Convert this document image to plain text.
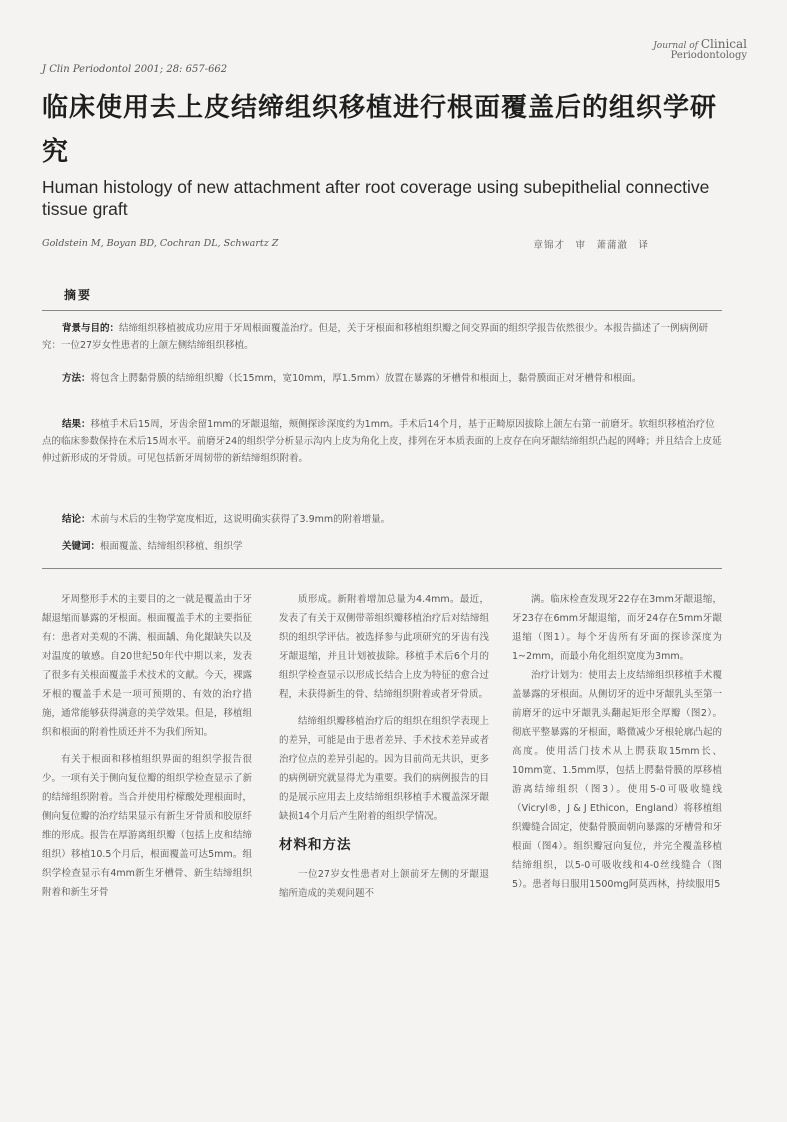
J Clin Periodontol 2001; 28: 657-662
Journal of Clinical
Periodontology
临床使用去上皮结缔组织移植进行根面覆盖后的组织学研究
Human histology of new attachment after root coverage using subepithelial connective tissue graft
Goldstein M, Boyan BD, Cochran DL, Schwartz Z	章锦才　审　萧蒲澈　译
摘要
背景与目的：结缔组织移植被成功应用于牙周根面覆盖治疗。但是，关于牙根面和移植组织瓣之间交界面的组织学报告依然很少。本报告描述了一例病例研究：一位27岁女性患者的上颌左侧结缔组织移植。
方法：将包含上腭黏骨膜的结缔组织瓣（长15mm，宽10mm，厚1.5mm）放置在暴露的牙槽骨和根面上，黏骨膜面正对牙槽骨和根面。
结果：移植手术后15周，牙齿余留1mm的牙龈退缩，颊侧探诊深度约为1mm。手术后14个月，基于正畸原因拔除上颌左右第一前磨牙。软组织移植治疗位点的临床参数保持在术后15周水平。前磨牙24的组织学分析显示沟内上皮为角化上皮，排列在牙本质表面的上皮存在向牙龈结缔组织凸起的网峰；并且结合上皮延伸过新形成的牙骨质。可见包括新牙周韧带的新结缔组织附着。
结论：术前与术后的生物学宽度相近，这说明确实获得了3.9mm的附着增量。
关键词：根面覆盖、结缔组织移植、组织学

牙周整形手术的主要目的之一就是覆盖由于牙龈退缩而暴露的牙根面。根面覆盖手术的主要指征有：患者对美观的不满、根面龋、角化龈缺失以及对温度的敏感。自20世纪50年代中期以来，发表了很多有关根面覆盖手术技术的文献。今天，裸露牙根的覆盖手术是一项可预期的、有效的治疗措施，通常能够获得满意的美学效果。但是，移植组织和根面的附着性质还并不为我们所知。

有关于根面和移植组织界面的组织学报告很少。一项有关于侧向复位瓣的组织学检查显示了新的结缔组织附着。当合并使用柠檬酸处理根面时，侧向复位瓣的治疗结果显示有新生牙骨质和胶原纤维的形成。报告在厚游离组织瓣（包括上皮和结缔组织）移植10.5个月后，根面覆盖可达5mm。组织学检查显示有4mm新生牙槽骨、新生结缔组织附着和新生牙骨

质形成。新附着增加总量为4.4mm。最近，发表了有关于双侧带蒂组织瓣移植治疗后对结缔组织的组织学评估。被选择参与此项研究的牙齿有浅牙龈退缩，并且计划被拔除。移植手术后6个月的组织学检查显示以形成长结合上皮为特征的愈合过程，未获得新生的骨、结缔组织附着或者牙骨质。

结缔组织瓣移植治疗后的组织在组织学表现上的差异，可能是由于患者差异、手术技术差异或者治疗位点的差异引起的。因为目前尚无共识，更多的病例研究就显得尤为重要。我们的病例报告的目的是展示应用去上皮结缔组织移植手术覆盖深牙龈缺损14个月后产生附着的组织学情况。

材料和方法

一位27岁女性患者对上颌前牙左侧的牙龈退缩所造成的美观问题不

满。临床检查发现牙22存在3mm牙龈退缩，牙23存在6mm牙龈退缩，而牙24存在5mm牙龈退缩（图1）。每个牙齿所有牙面的探诊深度为1~2mm，而最小角化组织宽度为3mm。

治疗计划为：使用去上皮结缔组织移植手术覆盖暴露的牙根面。从侧切牙的近中牙龈乳头至第一前磨牙的远中牙龈乳头翻起矩形全厚瓣（图2）。彻底平整暴露的牙根面，略微减少牙根轮廓凸起的高度。使用活门技术从上腭获取15mm长、10mm宽、1.5mm厚，包括上腭黏骨膜的厚移植游离结缔组织（图3）。使用5-0可吸收缝线（Vicryl®，J & J Ethicon，England）将移植组织瓣缝合固定，使黏骨膜面朝向暴露的牙槽骨和牙根面（图4）。组织瓣冠向复位，并完全覆盖移植结缔组织，以5-0可吸收线和4-0丝线缝合（图5）。患者每日服用1500mg阿莫西林，持续服用5
